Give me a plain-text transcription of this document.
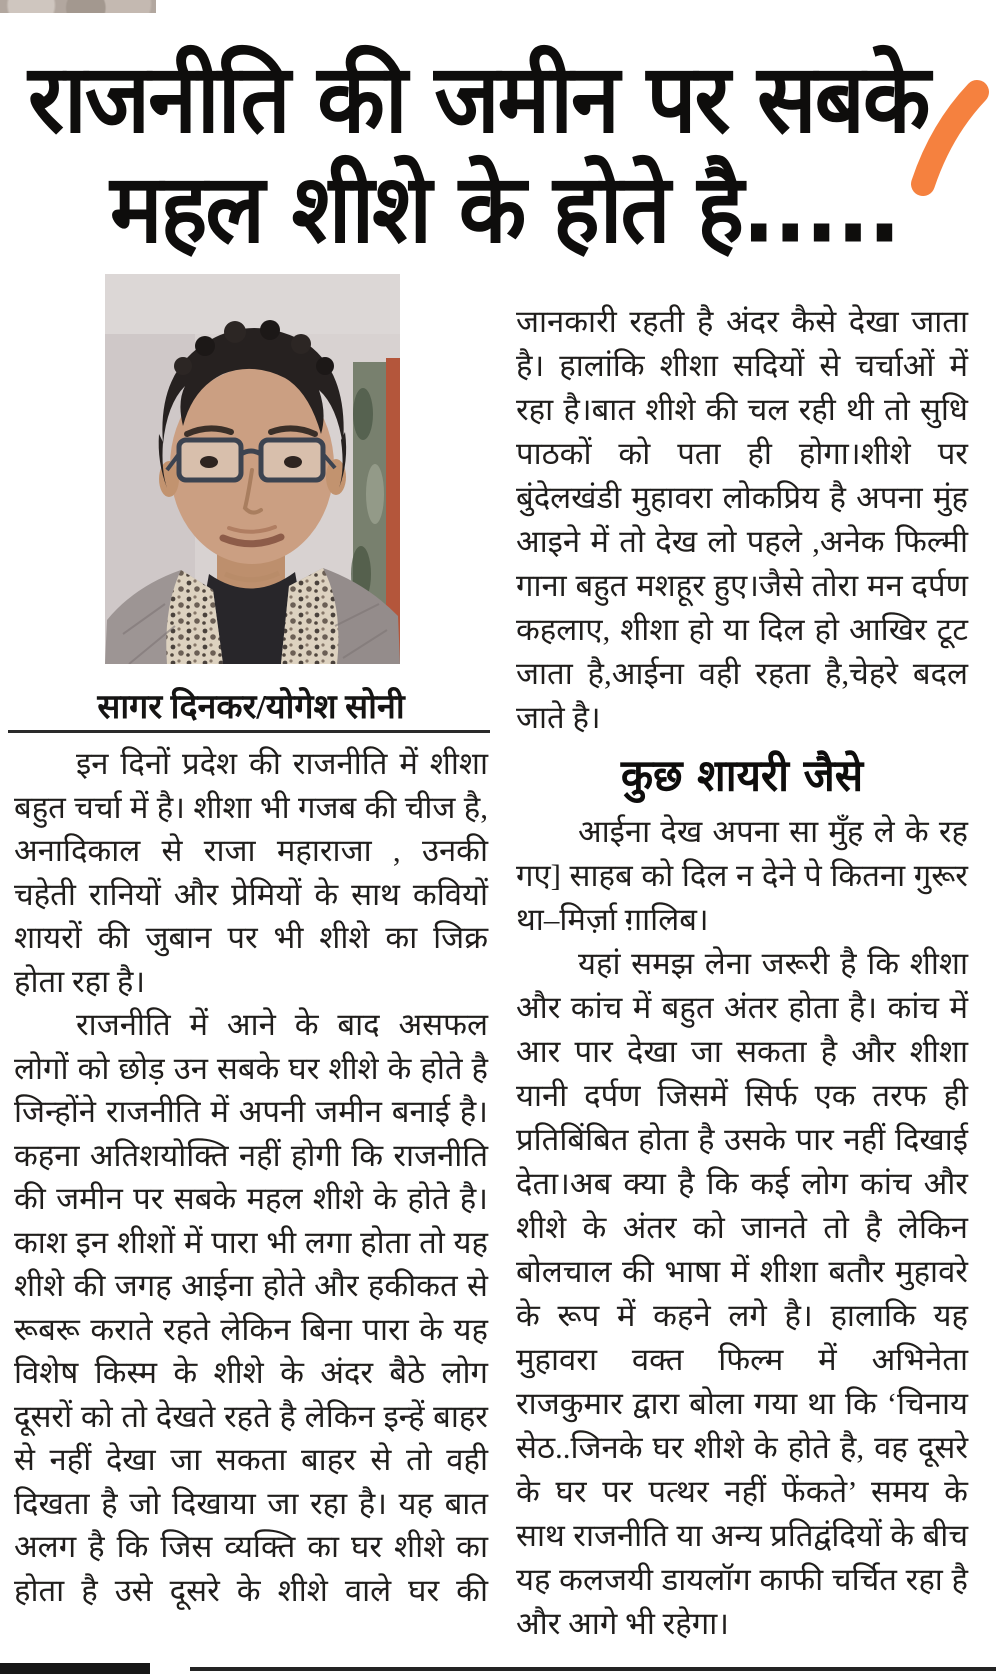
राजनीति की जमीन पर सबके
महल शीशे के होते है.....
सागर दिनकर/योगेश सोनी

इन दिनों प्रदेश की राजनीति में शीशा बहुत चर्चा में है। शीशा भी गजब की चीज है, अनादिकाल से राजा महाराजा , उनकी चहेती रानियों और प्रेमियों के साथ कवियों शायरों की जुबान पर भी शीशे का जिक्र होता रहा है।

राजनीति में आने के बाद असफल लोगों को छोड़ उन सबके घर शीशे के होते है जिन्होंने राजनीति में अपनी जमीन बनाई है। कहना अतिशयोक्ति नहीं होगी कि राजनीति की जमीन पर सबके महल शीशे के होते है।काश इन शीशों में पारा भी लगा होता तो यह शीशे की जगह आईना होते और हकीकत से रूबरू कराते रहते लेकिन बिना पारा के यह विशेष किस्म के शीशे के अंदर बैठे लोग दूसरों को तो देखते रहते है लेकिन इन्हें बाहर से नहीं देखा जा सकता बाहर से तो वही दिखता है जो दिखाया जा रहा है। यह बात अलग है कि जिस व्यक्ति का घर शीशे का होता है उसे दूसरे के शीशे वाले घर की

जानकारी रहती है अंदर कैसे देखा जाता है। हालांकि शीशा सदियों से चर्चाओं में रहा है।बात शीशे की चल रही थी तो सुधि पाठकों को पता ही होगा।शीशे पर बुंदेलखंडी मुहावरा लोकप्रिय है अपना मुंह आइने में तो देख लो पहले ,अनेक फिल्मी गाना बहुत मशहूर हुए।जैसे तोरा मन दर्पण कहलाए, शीशा हो या दिल हो आखिर टूट जाता है,आईना वही रहता है,चेहरे बदल जाते है।

कुछ शायरी जैसे

आईना देख अपना सा मुँह ले के रह गए] साहब को दिल न देने पे कितना गुरूर था–मिर्ज़ा ग़ालिब।

यहां समझ लेना जरूरी है कि शीशा और कांच में बहुत अंतर होता है। कांच में आर पार देखा जा सकता है और शीशा यानी दर्पण जिसमें सिर्फ एक तरफ ही प्रतिबिंबित होता है उसके पार नहीं दिखाई देता।अब क्या है कि कई लोग कांच और शीशे के अंतर को जानते तो है लेकिन बोलचाल की भाषा में शीशा बतौर मुहावरे के रूप में कहने लगे है। हालाकि यह मुहावरा वक्त फिल्म में अभिनेता राजकुमार द्वारा बोला गया था कि ‘चिनाय सेठ..जिनके घर शीशे के होते है, वह दूसरे के घर पर पत्थर नहीं फेंकते’ समय के साथ राजनीति या अन्य प्रतिद्वंदियों के बीच यह कलजयी डायलॉग काफी चर्चित रहा है और आगे भी रहेगा।
